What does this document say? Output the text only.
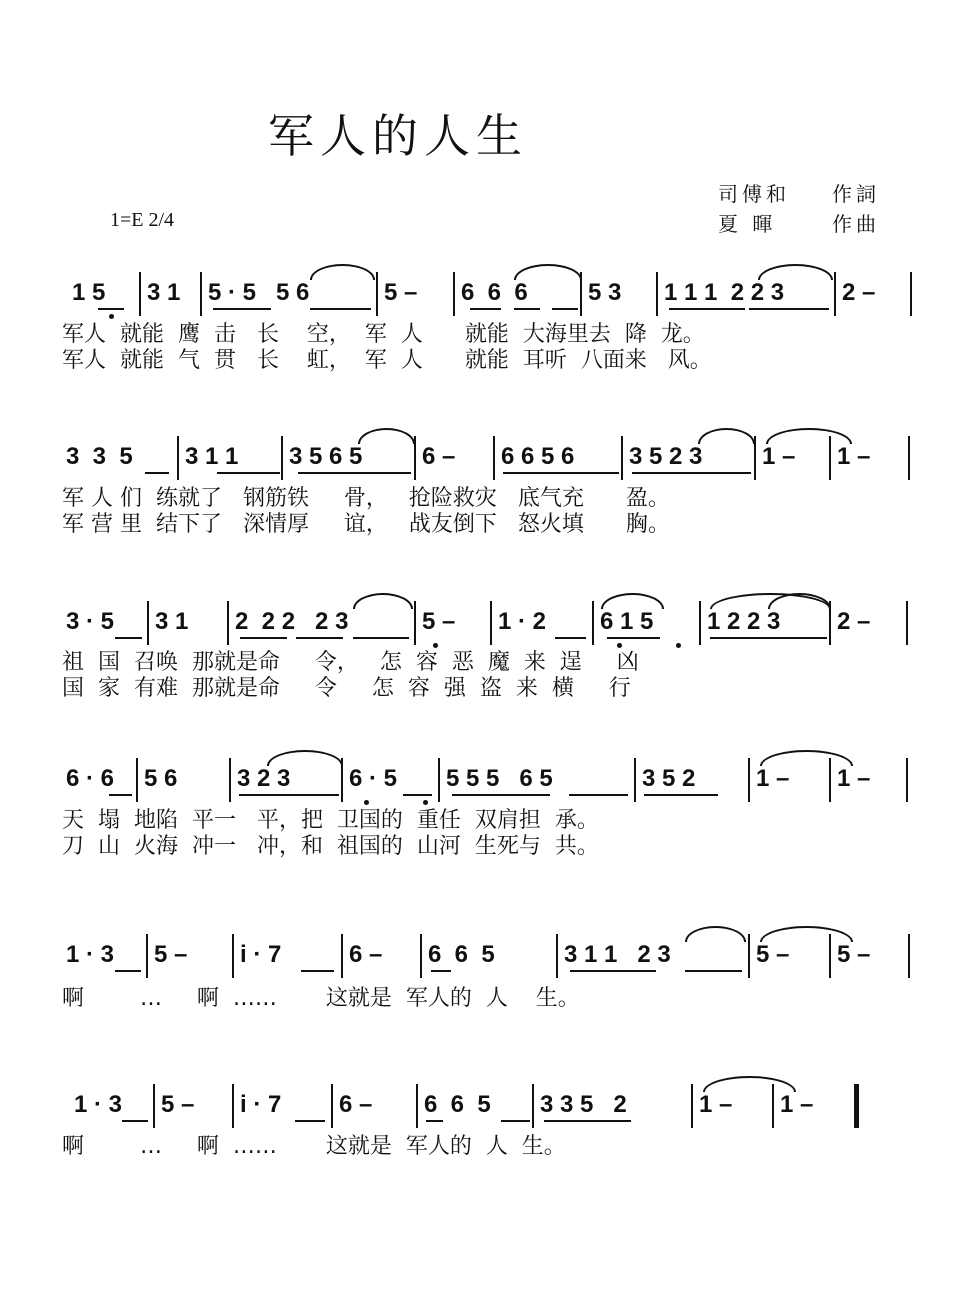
军人的人生
司傅和 作詞
夏 暉	作曲
1=E 2/4
1 5	3 1	5 · 5   5 6	5 –	6  6  6	5 3	1 1 1  2 2 3	2 –
军人  就能  鹰  击   长    空，  军  人      就能  大海里去  降  龙。
军人  就能  气  贯   长    虹，  军  人      就能  耳听  八面来   风。
3  3  5	3 1 1	3 5 6 5	6 –	6 6 5 6	3 5 2 3	1 –	1 –
军 人 们  练就了   钢筋铁     骨，   抢险救灾   底气充      盈。
军 营 里  结下了   深情厚     谊，   战友倒下   怒火填      胸。
3 · 5	3 1	2  2 2   2 3	5 –	1 · 2	6 1 5	1 2 2 3	2 –
祖  国  召唤  那就是命     令，   怎  容  恶  魔  来  逞     凶
国  家  有难  那就是命     令     怎  容  强  盗  来  横     行
6 · 6	5 6	3 2 3	6 · 5	5 5 5   6 5	3 5 2	1 –	1 –
天  塌  地陷  平一   平，把  卫国的  重任  双肩担  承。
刀  山  火海  冲一   冲，和  祖国的  山河  生死与  共。
1 · 3	5 –	i · 7	6 –	6  6  5	3 1 1   2 3	5 –	5 –
啊        …     啊  ……       这就是  军人的  人    生。
1 · 3	5 –	i · 7	6 –	6  6  5	3 3 5   2	1 –	1 –
啊        …     啊  ……       这就是  军人的  人  生。
